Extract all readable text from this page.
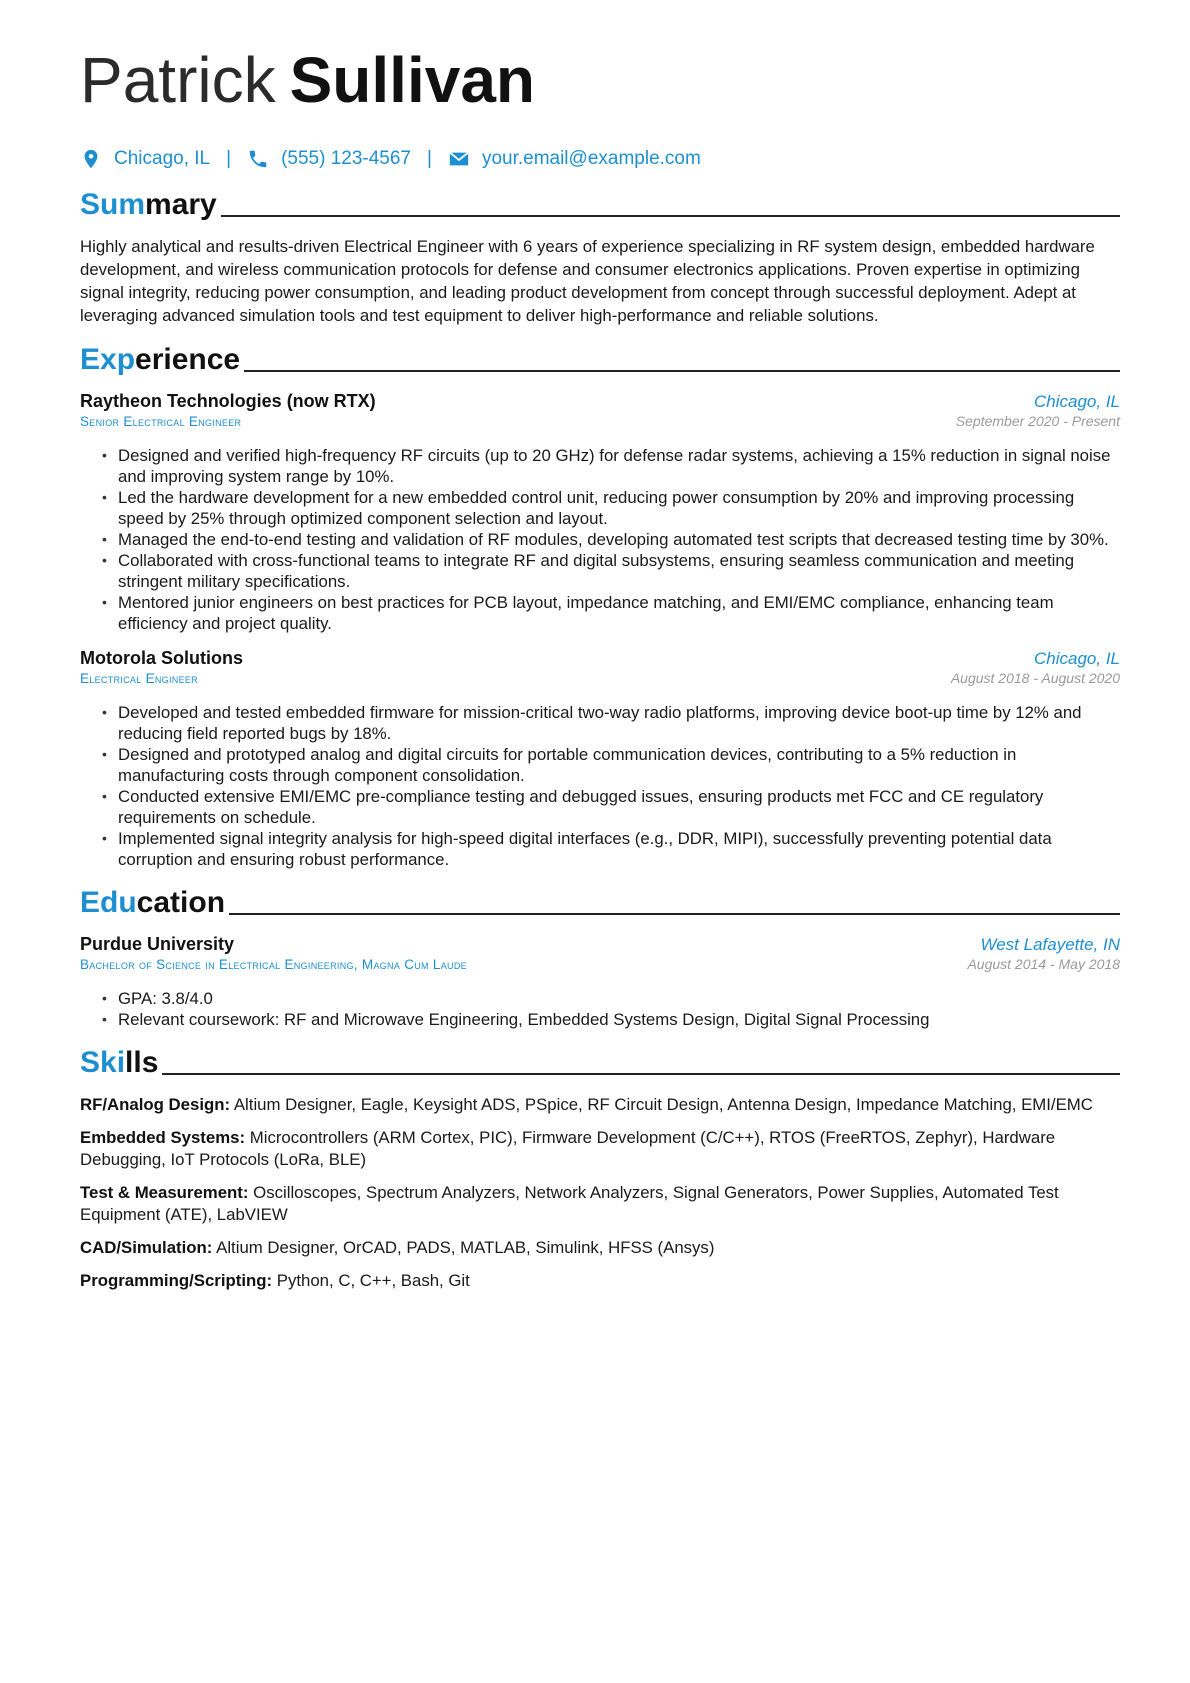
Patrick Sullivan
Chicago, IL |	(555) 123-4567 |	your.email@example.com
Summary
Highly analytical and results-driven Electrical Engineer with 6 years of experience specializing in RF system design, embedded hardware development, and wireless communication protocols for defense and consumer electronics applications. Proven expertise in optimizing signal integrity, reducing power consumption, and leading product development from concept through successful deployment. Adept at leveraging advanced simulation tools and test equipment to deliver high-performance and reliable solutions.
Experience
Raytheon Technologies (now RTX)	Chicago, IL
Senior Electrical Engineer	September 2020 - Present
• Designed and verified high-frequency RF circuits (up to 20 GHz) for defense radar systems, achieving a 15% reduction in signal noise and improving system range by 10%.
• Led the hardware development for a new embedded control unit, reducing power consumption by 20% and improving processing speed by 25% through optimized component selection and layout.
• Managed the end-to-end testing and validation of RF modules, developing automated test scripts that decreased testing time by 30%.
• Collaborated with cross-functional teams to integrate RF and digital subsystems, ensuring seamless communication and meeting stringent military specifications.
• Mentored junior engineers on best practices for PCB layout, impedance matching, and EMI/EMC compliance, enhancing team efficiency and project quality.
Motorola Solutions	Chicago, IL
Electrical Engineer	August 2018 - August 2020
• Developed and tested embedded firmware for mission-critical two-way radio platforms, improving device boot-up time by 12% and reducing field reported bugs by 18%.
• Designed and prototyped analog and digital circuits for portable communication devices, contributing to a 5% reduction in manufacturing costs through component consolidation.
• Conducted extensive EMI/EMC pre-compliance testing and debugged issues, ensuring products met FCC and CE regulatory requirements on schedule.
• Implemented signal integrity analysis for high-speed digital interfaces (e.g., DDR, MIPI), successfully preventing potential data corruption and ensuring robust performance.
Education
Purdue University	West Lafayette, IN
Bachelor of Science in Electrical Engineering, Magna Cum Laude	August 2014 - May 2018
• GPA: 3.8/4.0
• Relevant coursework: RF and Microwave Engineering, Embedded Systems Design, Digital Signal Processing
Skills
RF/Analog Design: Altium Designer, Eagle, Keysight ADS, PSpice, RF Circuit Design, Antenna Design, Impedance Matching, EMI/EMC
Embedded Systems: Microcontrollers (ARM Cortex, PIC), Firmware Development (C/C++), RTOS (FreeRTOS, Zephyr), Hardware Debugging, IoT Protocols (LoRa, BLE)
Test & Measurement: Oscilloscopes, Spectrum Analyzers, Network Analyzers, Signal Generators, Power Supplies, Automated Test Equipment (ATE), LabVIEW
CAD/Simulation: Altium Designer, OrCAD, PADS, MATLAB, Simulink, HFSS (Ansys)
Programming/Scripting: Python, C, C++, Bash, Git
